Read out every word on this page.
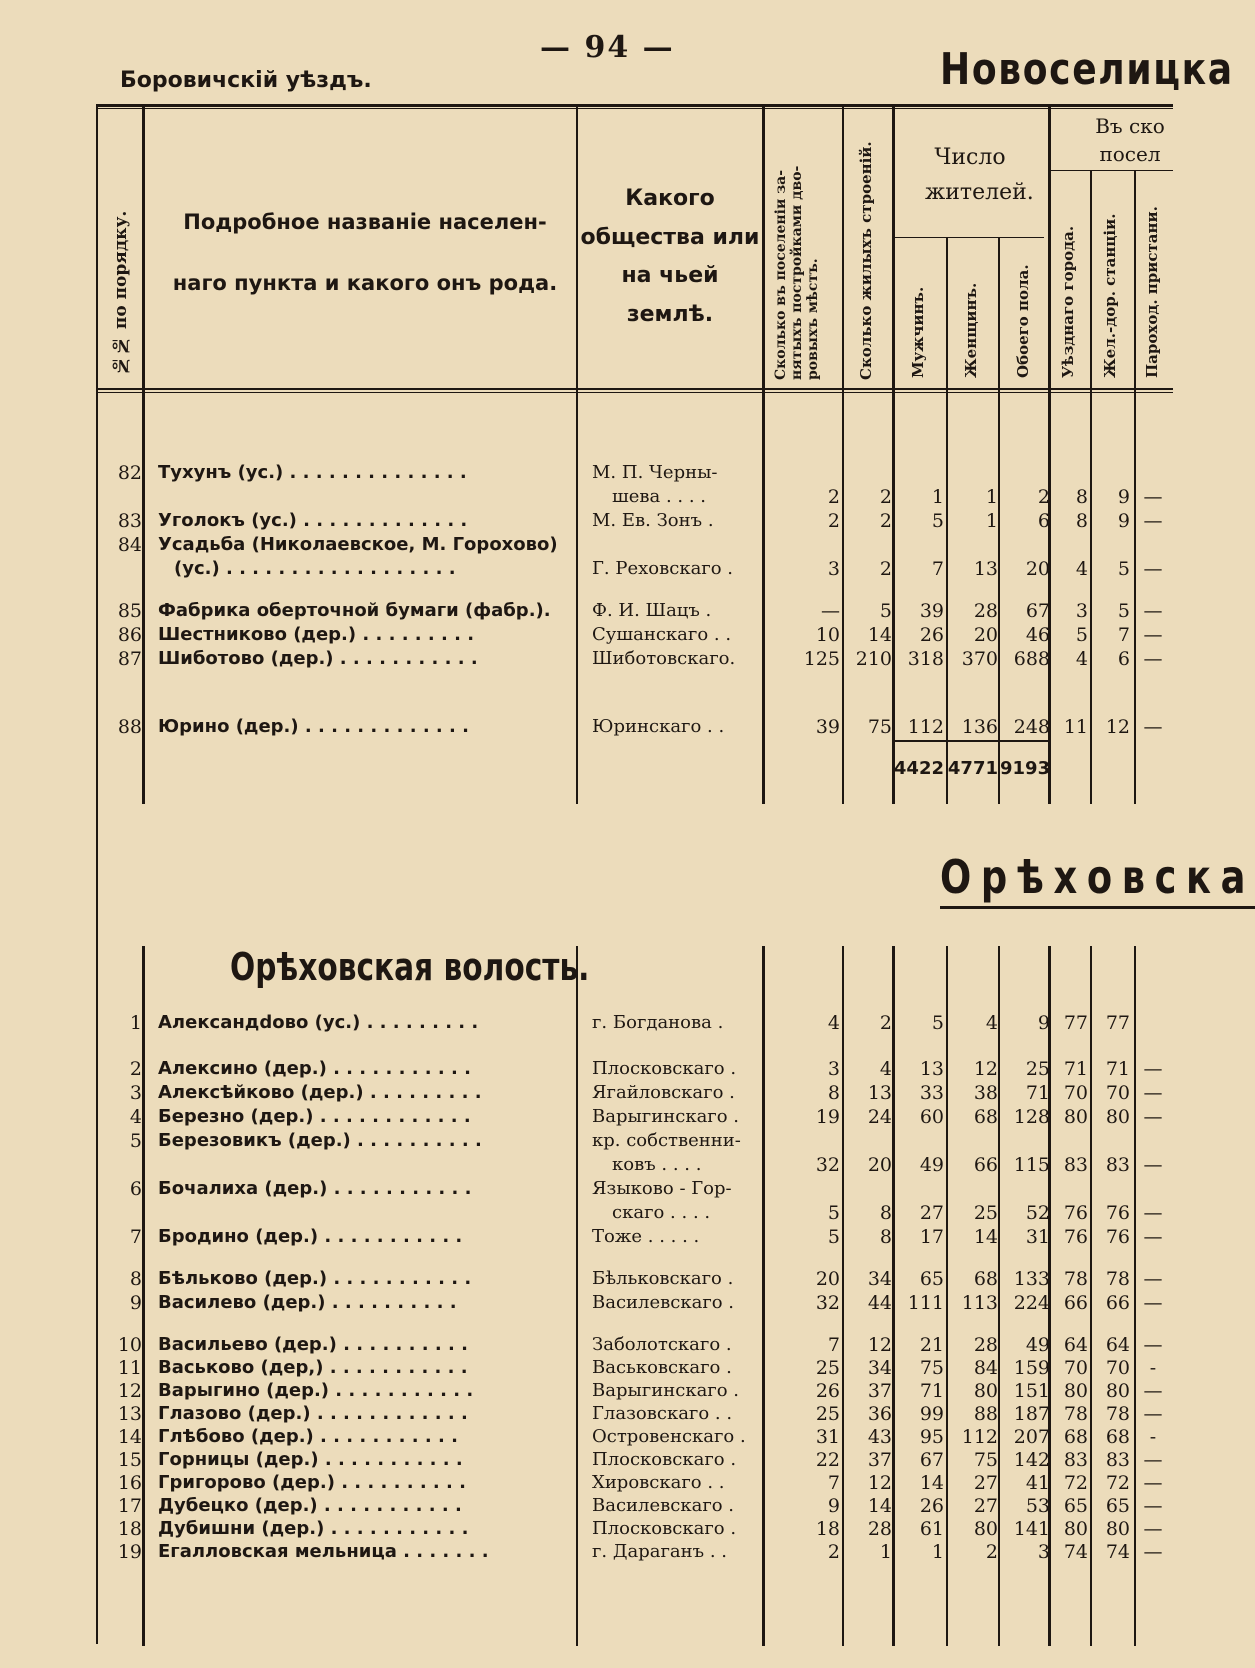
— 94 —
Боровичскій уѣздъ.	Новоселицка
№№ по порядку.	Подробное названіе населен- наго пункта и какого онъ рода.
Какого общества или на чьей землѣ.	Сколько въ поселеніи за- нятыхъ постройками дво- ровыхъ мѣстъ.	Сколько жилыхъ строеній.	Число жителей.
Мужчинъ. Женщинъ. Обоего пола.
Въ ско посел
Уѣзднаго города. Жел.-дор. станціи. Пароход. пристани.
82 Тухунъ (ус.) . . . . . . . . . . . . . .	М. П. Черны-
шева . . . .	2	2	1	1	2	8	9 —
83 Уголокъ (ус.) . . . . . . . . . . . . .	М. Ев. Зонъ .	2	2	5	1	6	8	9 —
84 Усадьба (Николаевское, М. Горохово)
(ус.) . . . . . . . . . . . . . . . . . .	Г. Реховскаго .	3	2	7	13	20	4	5 —
85 Фабрика оберточной бумаги (фабр.). Ф. И. Шацъ .	—	5	39	28	67	3	5 —
86 Шестниково (дер.) . . . . . . . . .	Сушанскаго . .	10	14	26	20	46	5	7 —
87 Шиботово (дер.) . . . . . . . . . . .	Шиботовскаго.	125 210 318 370 688	4	6 —
88 Юрино (дер.) . . . . . . . . . . . . .	Юринскаго . .	39	75 112 136 248 11 12 —
4422 4771 9193
Орѣховска
Орѣховская волость.
1 Александdово (ус.) . . . . . . . . .	г. Богданова .	4	2	5	4	9 77 77
2 Алексино (дер.) . . . . . . . . . . .	Плосковскаго .	3	4	13	12	25 71 71 —
3 Алексѣйково (дер.) . . . . . . . . .	Ягайловскаго .	8	13	33	38	71 70 70 —
4 Березно (дер.) . . . . . . . . . . . .	Варыгинскаго .	19	24	60	68 128 80 80 —
5 Березовикъ (дер.) . . . . . . . . . .	кр. собственни-
ковъ . . . .	32	20	49	66 115 83 83 —
6 Бочалиха (дер.) . . . . . . . . . . .	Языково - Гор-
скаго . . . .	5	8	27	25	52 76 76 —
7 Бродино (дер.) . . . . . . . . . . .	Тоже . . . . .	5	8	17	14	31 76 76 —
8 Бѣльково (дер.) . . . . . . . . . . .	Бѣльковскаго .	20	34	65	68 133 78 78 —
9 Василево (дер.) . . . . . . . . . .	Василевскаго .	32	44 111 113 224 66 66 —
10 Васильево (дер.) . . . . . . . . . .	Заболотскаго .	7	12	21	28	49 64 64 —
11 Васьково (дер,) . . . . . . . . . . .	Васьковскаго .	25	34	75	84 159 70 70	-
12 Варыгино (дер.) . . . . . . . . . . .	Варыгинскаго .	26	37	71	80 151 80 80 —
13 Глазово (дер.) . . . . . . . . . . . .	Глазовскаго . .	25	36	99	88 187 78 78 —
14 Глѣбово (дер.) . . . . . . . . . . .	Островенскаго .	31	43	95 112 207 68 68	-
15 Горницы (дер.) . . . . . . . . . . .	Плосковскаго .	22	37	67	75 142 83 83 —
16 Григорово (дер.) . . . . . . . . . .	Хировскаго . .	7	12	14	27	41 72 72 —
17 Дубецко (дер.) . . . . . . . . . . .	Василевскаго .	9	14	26	27	53 65 65 —
18 Дубишни (дер.) . . . . . . . . . . .	Плосковскаго .	18	28	61	80 141 80 80 —
19 Егалловская мельница . . . . . . .	г. Дараганъ . .	2	1	1	2	3 74 74 —
